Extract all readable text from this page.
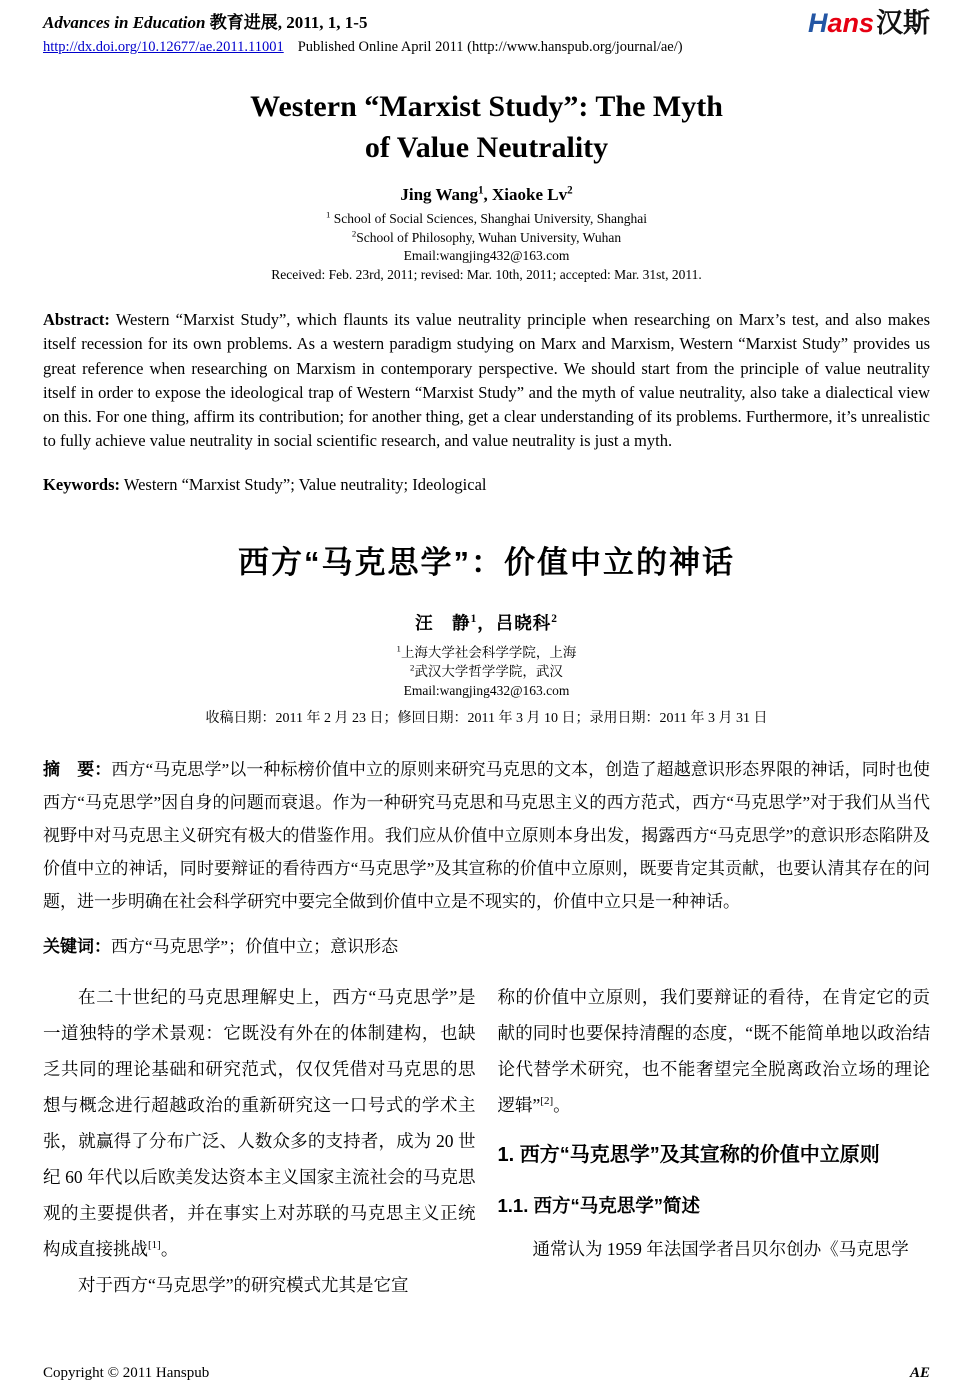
Advances in Education 教育进展, 2011, 1, 1-5
http://dx.doi.org/10.12677/ae.2011.11001 Published Online April 2011 (http://www.hanspub.org/journal/ae/)
Hans汉斯
Western “Marxist Study”: The Myth
of Value Neutrality
Jing Wang$^1$, Xiaoke Lv$^2$
$^1$ School of Social Sciences, Shanghai University, Shanghai
$^2$School of Philosophy, Wuhan University, Wuhan
Email:wangjing432@163.com
Received: Feb. 23rd, 2011; revised: Mar. 10th, 2011; accepted: Mar. 31st, 2011.
Abstract: Western “Marxist Study”, which flaunts its value neutrality principle when researching on Marx’s test, and also makes itself recession for its own problems. As a western paradigm studying on Marx and Marxism, Western “Marxist Study” provides us great reference when researching on Marxism in contemporary perspective. We should start from the principle of value neutrality itself in order to expose the ideological trap of Western “Marxist Study” and the myth of value neutrality, also take a dialectical view on this. For one thing, affirm its contribution; for another thing, get a clear understanding of its problems. Furthermore, it’s unrealistic to fully achieve value neutrality in social scientific research, and value neutrality is just a myth.
Keywords: Western “Marxist Study”; Value neutrality; Ideological
西方“马克思学”：价值中立的神话
汪　静$^1$，吕晓科$^2$
$^1$上海大学社会科学学院，上海
$^2$武汉大学哲学学院，武汉
Email:wangjing432@163.com
收稿日期：2011 年 2 月 23 日；修回日期：2011 年 3 月 10 日；录用日期：2011 年 3 月 31 日
摘　要：西方“马克思学”以一种标榜价值中立的原则来研究马克思的文本，创造了超越意识形态界限的神话，同时也使西方“马克思学”因自身的问题而衰退。作为一种研究马克思和马克思主义的西方范式，西方“马克思学”对于我们从当代视野中对马克思主义研究有极大的借鉴作用。我们应从价值中立原则本身出发，揭露西方“马克思学”的意识形态陷阱及价值中立的神话，同时要辩证的看待西方“马克思学”及其宣称的价值中立原则，既要肯定其贡献，也要认清其存在的问题，进一步明确在社会科学研究中要完全做到价值中立是不现实的，价值中立只是一种神话。
关键词：西方“马克思学”；价值中立；意识形态

在二十世纪的马克思理解史上，西方“马克思学”是一道独特的学术景观：它既没有外在的体制建构，也缺乏共同的理论基础和研究范式，仅仅凭借对马克思的思想与概念进行超越政治的重新研究这一口号式的学术主张，就赢得了分布广泛、人数众多的支持者，成为 20 世纪 60 年代以后欧美发达资本主义国家主流社会的马克思观的主要提供者，并在事实上对苏联的马克思主义正统构成直接挑战[1]。

对于西方“马克思学”的研究模式尤其是它宣

称的价值中立原则，我们要辩证的看待，在肯定它的贡献的同时也要保持清醒的态度，“既不能简单地以政治结论代替学术研究，也不能奢望完全脱离政治立场的理论逻辑”[2]。

1. 西方“马克思学”及其宣称的价值中立原则
1.1. 西方“马克思学”简述

通常认为 1959 年法国学者吕贝尔创办《马克思学

Copyright © 2011 Hanspub	AE
